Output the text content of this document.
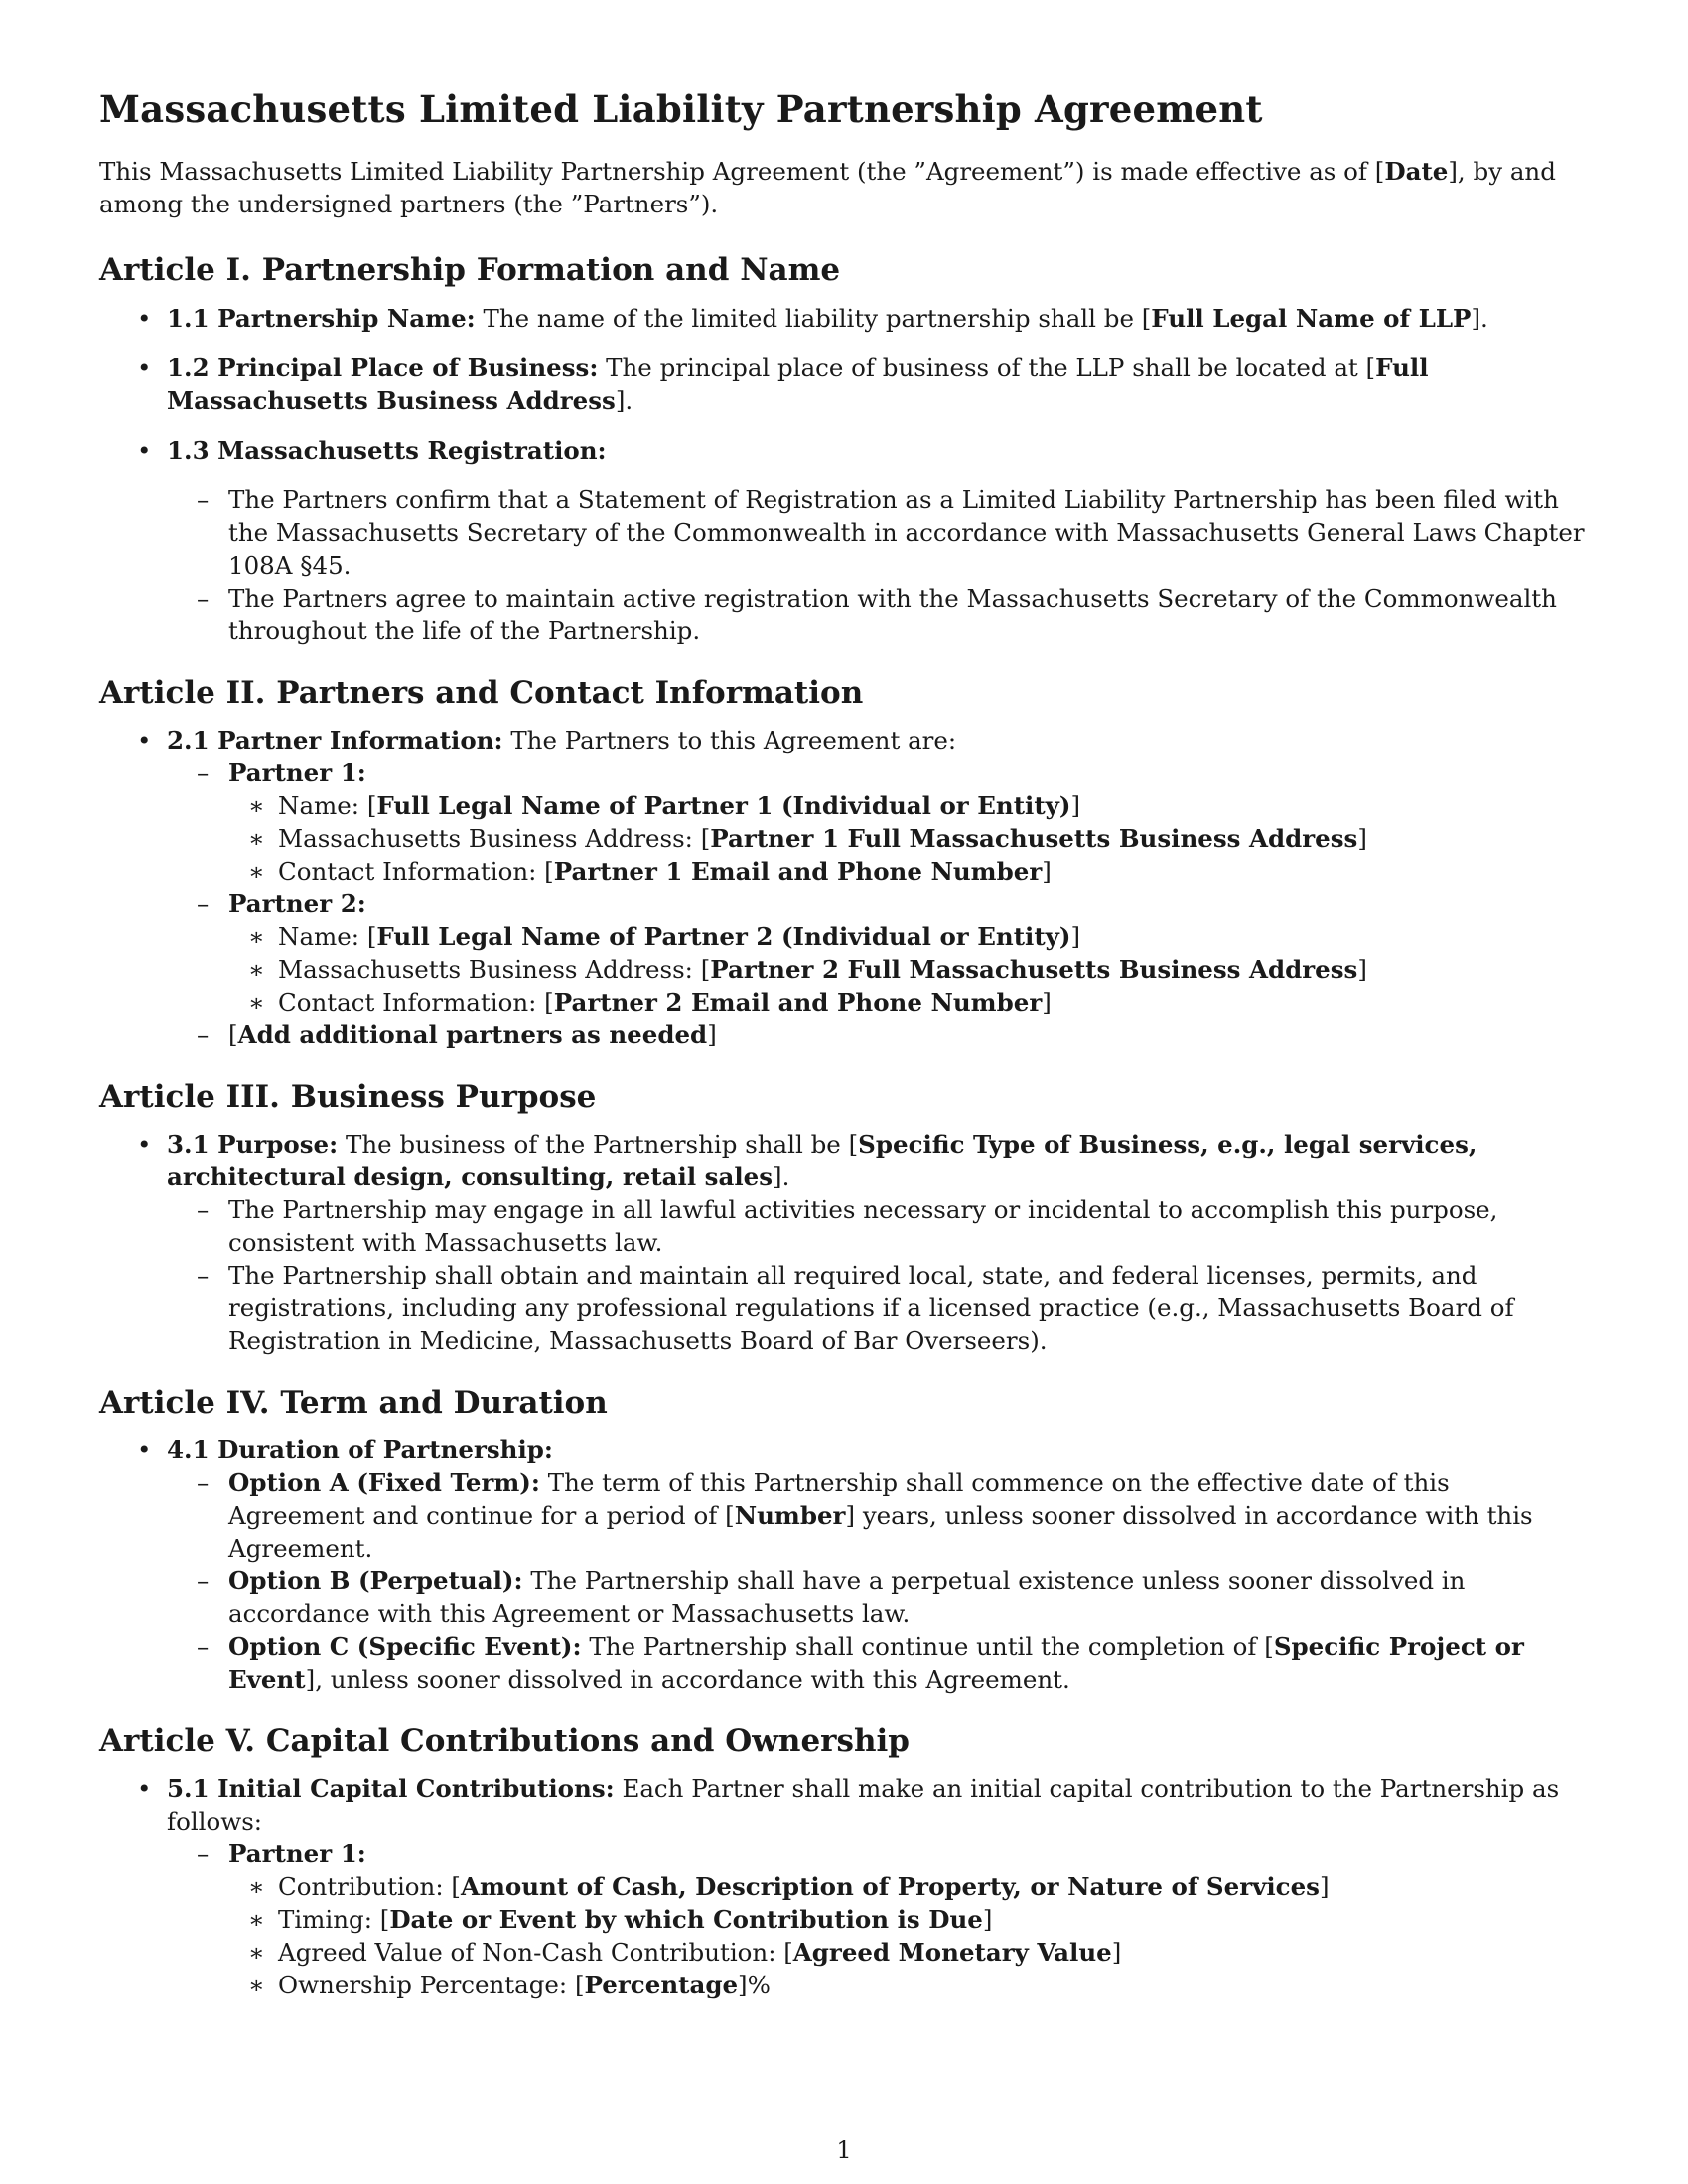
Massachusetts Limited Liability Partnership Agreement

This Massachusetts Limited Liability Partnership Agreement (the ”Agreement”) is made effective as of [Date], by and among the undersigned partners (the ”Partners”).

Article I. Partnership Formation and Name
• 1.1 Partnership Name: The name of the limited liability partnership shall be [Full Legal Name of LLP].
• 1.2 Principal Place of Business: The principal place of business of the LLP shall be located at [Full Massachusetts Business Address].
• 1.3 Massachusetts Registration:
– The Partners confirm that a Statement of Registration as a Limited Liability Partnership has been filed with the Massachusetts Secretary of the Commonwealth in accordance with Massachusetts General Laws Chapter 108A §45.
– The Partners agree to maintain active registration with the Massachusetts Secretary of the Commonwealth throughout the life of the Partnership.
Article II. Partners and Contact Information
• 2.1 Partner Information: The Partners to this Agreement are:
– Partner 1:
∗ Name: [Full Legal Name of Partner 1 (Individual or Entity)]
∗ Massachusetts Business Address: [Partner 1 Full Massachusetts Business Address]
∗ Contact Information: [Partner 1 Email and Phone Number]
– Partner 2:
∗ Name: [Full Legal Name of Partner 2 (Individual or Entity)]
∗ Massachusetts Business Address: [Partner 2 Full Massachusetts Business Address]
∗ Contact Information: [Partner 2 Email and Phone Number]
– [Add additional partners as needed]
Article III. Business Purpose
• 3.1 Purpose: The business of the Partnership shall be [Specific Type of Business, e.g., legal services, architectural design, consulting, retail sales].
– The Partnership may engage in all lawful activities necessary or incidental to accomplish this purpose, consistent with Massachusetts law.
– The Partnership shall obtain and maintain all required local, state, and federal licenses, permits, and registrations, including any professional regulations if a licensed practice (e.g., Massachusetts Board of Registration in Medicine, Massachusetts Board of Bar Overseers).
Article IV. Term and Duration
• 4.1 Duration of Partnership:
– Option A (Fixed Term): The term of this Partnership shall commence on the effective date of this Agreement and continue for a period of [Number] years, unless sooner dissolved in accordance with this Agreement.
– Option B (Perpetual): The Partnership shall have a perpetual existence unless sooner dissolved in accordance with this Agreement or Massachusetts law.
– Option C (Specific Event): The Partnership shall continue until the completion of [Specific Project or Event], unless sooner dissolved in accordance with this Agreement.
Article V. Capital Contributions and Ownership
• 5.1 Initial Capital Contributions: Each Partner shall make an initial capital contribution to the Partnership as follows:
– Partner 1:
∗ Contribution: [Amount of Cash, Description of Property, or Nature of Services]
∗ Timing: [Date or Event by which Contribution is Due]
∗ Agreed Value of Non-Cash Contribution: [Agreed Monetary Value]
∗ Ownership Percentage: [Percentage]%
1
